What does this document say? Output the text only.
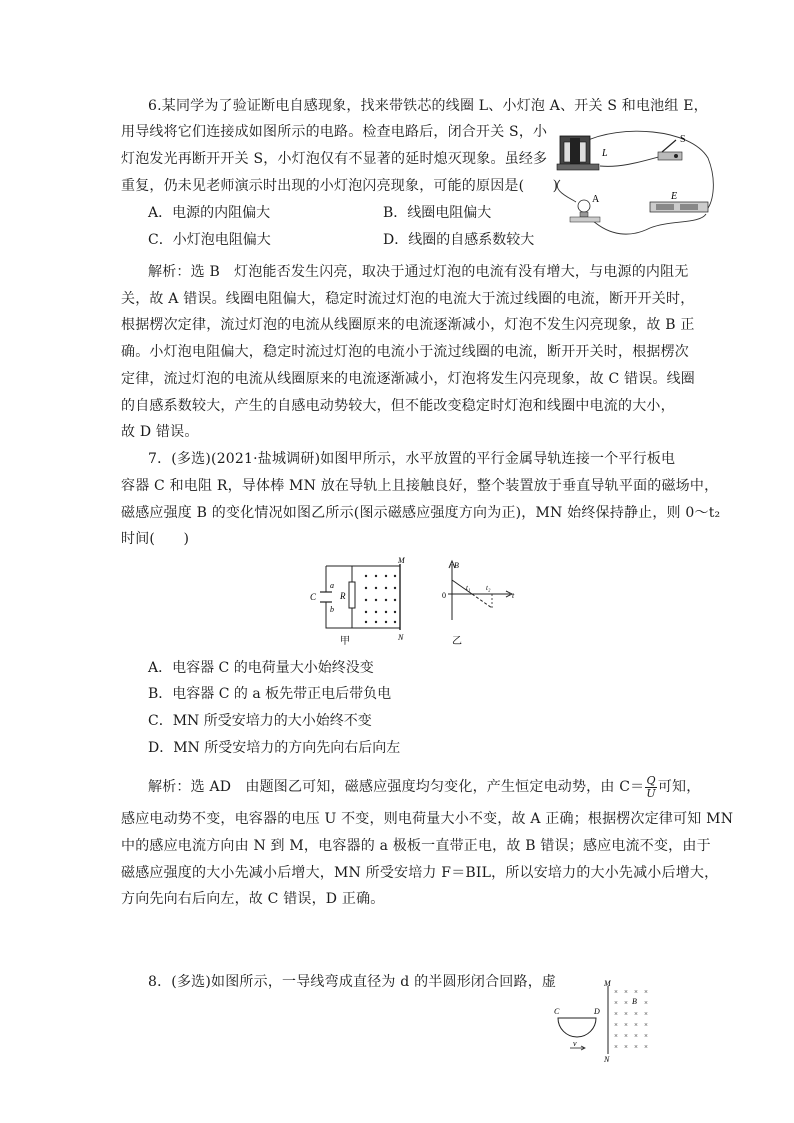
6.某同学为了验证断电自感现象，找来带铁芯的线圈 L、小灯泡 A、开关 S 和电池组 E，
用导线将它们连接成如图所示的电路。检查电路后，闭合开关 S，小
灯泡发光再断开开关 S，小灯泡仅有不显著的延时熄灭现象。虽经多
重复，仍未见老师演示时出现的小灯泡闪亮现象，可能的原因是(　　)
A．电源的内阻偏大	B．线圈电阻偏大
C．小灯泡电阻偏大	D．线圈的自感系数较大
L
S
E
A
解析：选 B　灯泡能否发生闪亮，取决于通过灯泡的电流有没有增大，与电源的内阻无
关，故 A 错误。线圈电阻偏大，稳定时流过灯泡的电流大于流过线圈的电流，断开开关时，
根据楞次定律，流过灯泡的电流从线圈原来的电流逐渐减小，灯泡不发生闪亮现象，故 B 正
确。小灯泡电阻偏大，稳定时流过灯泡的电流小于流过线圈的电流，断开开关时，根据楞次
定律，流过灯泡的电流从线圈原来的电流逐渐减小，灯泡将发生闪亮现象，故 C 错误。线圈
的自感系数较大，产生的自感电动势较大，但不能改变稳定时灯泡和线圈中电流的大小，
故 D 错误。
7．(多选)(2021·盐城调研)如图甲所示，水平放置的平行金属导轨连接一个平行板电
容器 C 和电阻 R，导体棒 MN 放在导轨上且接触良好，整个装置放于垂直导轨平面的磁场中，
磁感应强度 B 的变化情况如图乙所示(图示磁感应强度方向为正)，MN 始终保持静止，则 0～t₂
时间(　　)
C
a
b
R
M
N
甲
B
0
t₁ t₂
t
乙
A．电容器 C 的电荷量大小始终没变
B．电容器 C 的 a 板先带正电后带负电
C．MN 所受安培力的大小始终不变
D．MN 所受安培力的方向先向右后向左
解析：选 AD　由题图乙可知，磁感应强度均匀变化，产生恒定电动势，由 $C= \frac{Q}{U}$ 可知，
感应电动势不变，电容器的电压 U 不变，则电荷量大小不变，故 A 正确；根据楞次定律可知 MN
中的感应电流方向由 N 到 M，电容器的 a 极板一直带正电，故 B 错误；感应电流不变，由于
磁感应强度的大小先减小后增大，MN 所受安培力 F＝BIL，所以安培力的大小先减小后增大，
方向先向右后向左，故 C 错误，D 正确。
8．(多选)如图所示，一导线弯成直径为 d 的半圆形闭合回路，虚
× × × ×
× × ×
× × × ×
× × × ×
× × × ×
× × × ×
B
C	D
v
M
N
